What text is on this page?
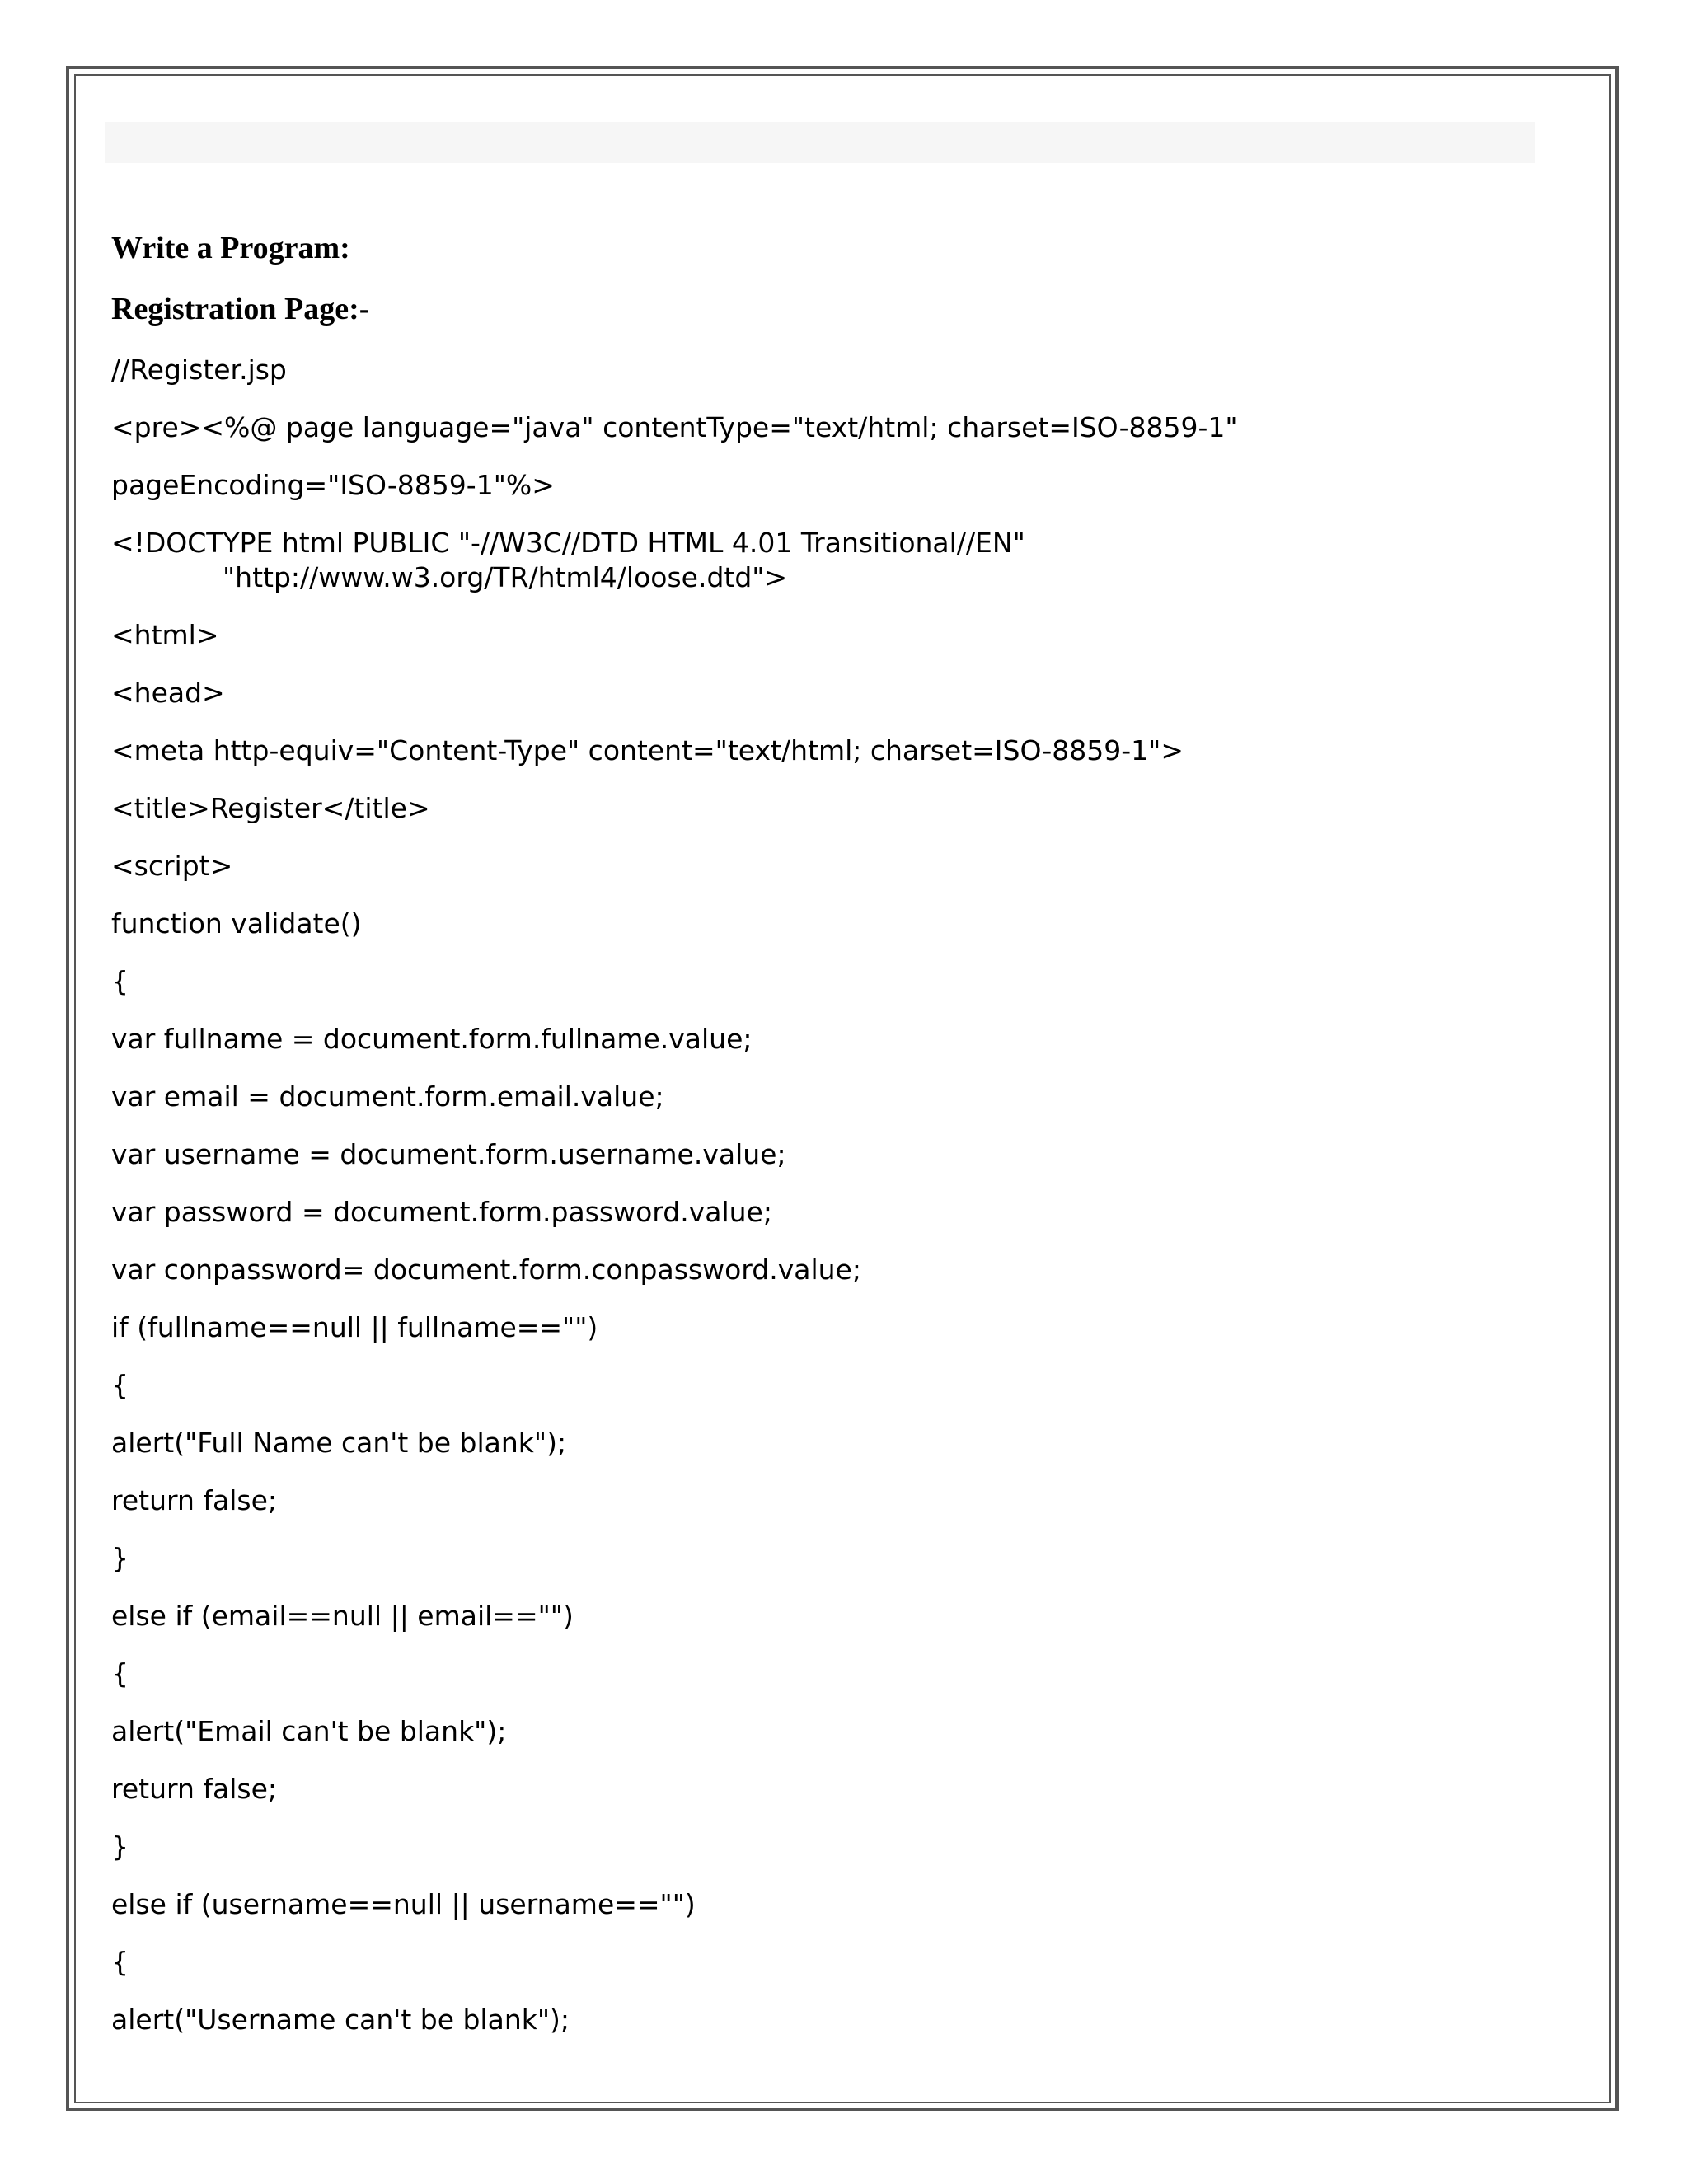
Write a Program:
Registration Page:-
//Register.jsp
<pre><%@ page language="java" contentType="text/html; charset=ISO-8859-1"
pageEncoding="ISO-8859-1"%>
<!DOCTYPE html PUBLIC "-//W3C//DTD HTML 4.01 Transitional//EN"
"http://www.w3.org/TR/html4/loose.dtd">
<html>
<head>
<meta http-equiv="Content-Type" content="text/html; charset=ISO-8859-1">
<title>Register</title>
<script>
function validate()
{
var fullname = document.form.fullname.value;
var email = document.form.email.value;
var username = document.form.username.value;
var password = document.form.password.value;
var conpassword= document.form.conpassword.value;
if (fullname==null || fullname=="")
{
alert("Full Name can't be blank");
return false;
}
else if (email==null || email=="")
{
alert("Email can't be blank");
return false;
}
else if (username==null || username=="")
{
alert("Username can't be blank");
